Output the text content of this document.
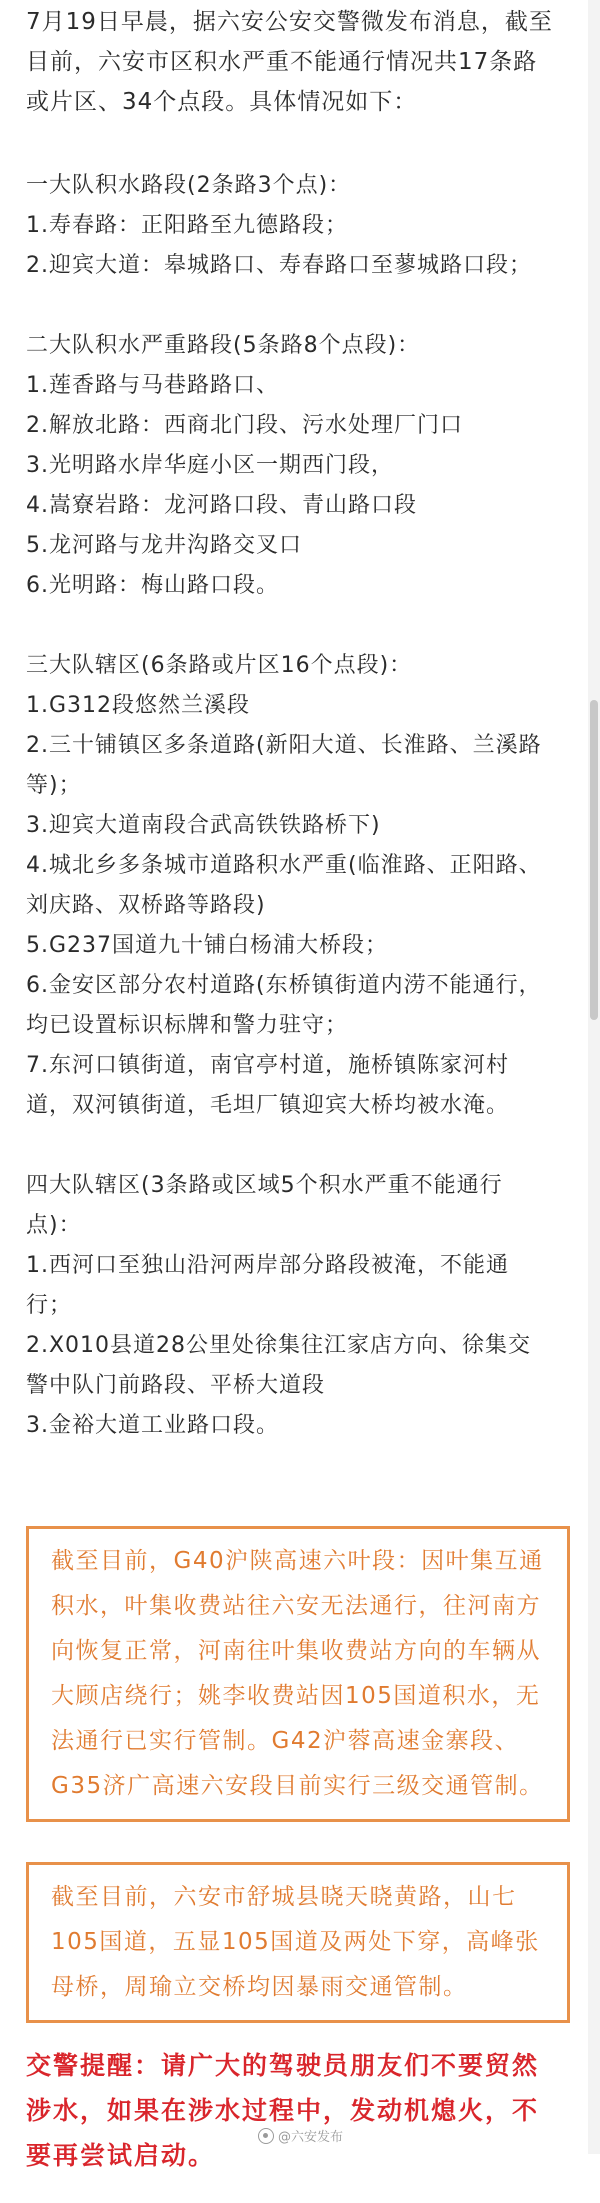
7月19日早晨，据六安公安交警微发布消息，截至目前，六安市区积水严重不能通行情况共17条路或片区、34个点段。具体情况如下：

一大队积水路段(2条路3个点)：

1.寿春路：正阳路至九德路段；

2.迎宾大道：皋城路口、寿春路口至蓼城路口段；

二大队积水严重路段(5条路8个点段)：

1.莲香路与马巷路路口、

2.解放北路：西商北门段、污水处理厂门口

3.光明路水岸华庭小区一期西门段，

4.嵩寮岩路：龙河路口段、青山路口段

5.龙河路与龙井沟路交叉口

6.光明路：梅山路口段。

三大队辖区(6条路或片区16个点段)：

1.G312段悠然兰溪段

2.三十铺镇区多条道路(新阳大道、长淮路、兰溪路等)；

3.迎宾大道南段合武高铁铁路桥下)

4.城北乡多条城市道路积水严重(临淮路、正阳路、刘庆路、双桥路等路段)

5.G237国道九十铺白杨浦大桥段；

6.金安区部分农村道路(东桥镇街道内涝不能通行，均已设置标识标牌和警力驻守；

7.东河口镇街道，南官亭村道，施桥镇陈家河村道，双河镇街道，毛坦厂镇迎宾大桥均被水淹。

四大队辖区(3条路或区域5个积水严重不能通行点)：

1.西河口至独山沿河两岸部分路段被淹，不能通行；

2.X010县道28公里处徐集往江家店方向、徐集交警中队门前路段、平桥大道段

3.金裕大道工业路口段。

截至目前，G40沪陕高速六叶段：因叶集互通积水，叶集收费站往六安无法通行，往河南方向恢复正常，河南往叶集收费站方向的车辆从大顾店绕行；姚李收费站因105国道积水，无法通行已实行管制。G42沪蓉高速金寨段、G35济广高速六安段目前实行三级交通管制。
截至目前，六安市舒城县晓天晓黄路，山七105国道，五显105国道及两处下穿，高峰张母桥，周瑜立交桥均因暴雨交通管制。

交警提醒：请广大的驾驶员朋友们不要贸然涉水，如果在涉水过程中，发动机熄火，不要再尝试启动。

@六安发布
